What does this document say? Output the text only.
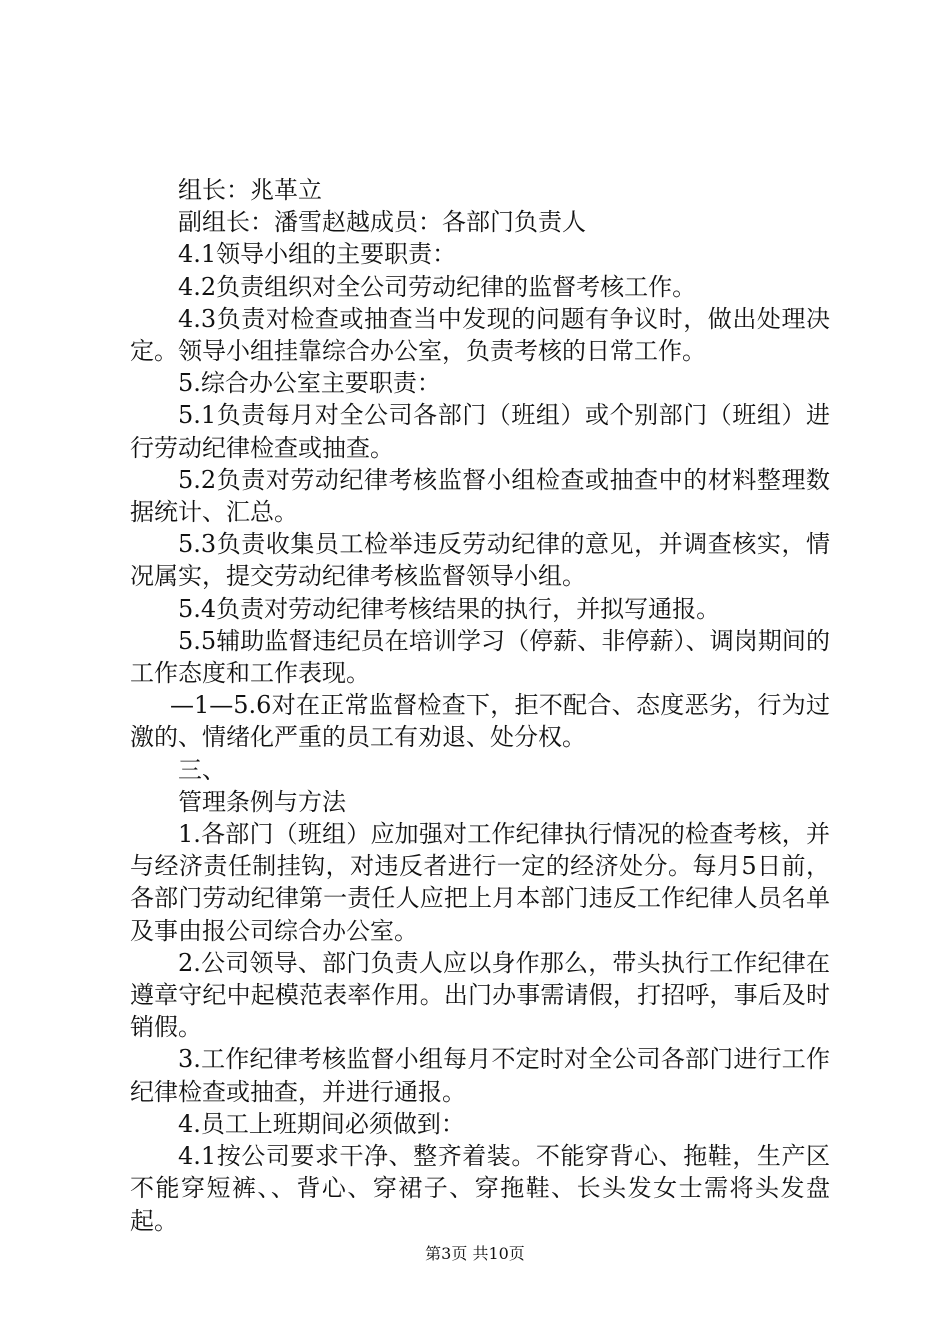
组长：兆革立

副组长：潘雪赵越成员：各部门负责人

4.1领导小组的主要职责：

4.2负责组织对全公司劳动纪律的监督考核工作。

4.3负责对检查或抽查当中发现的问题有争议时，做出处理决定。领导小组挂靠综合办公室，负责考核的日常工作。

5.综合办公室主要职责：

5.1负责每月对全公司各部门（班组）或个别部门（班组）进行劳动纪律检查或抽查。

5.2负责对劳动纪律考核监督小组检查或抽查中的材料整理数据统计、汇总。

5.3负责收集员工检举违反劳动纪律的意见，并调查核实，情况属实，提交劳动纪律考核监督领导小组。

5.4负责对劳动纪律考核结果的执行，并拟写通报。

5.5辅助监督违纪员在培训学习（停薪、非停薪）、调岗期间的工作态度和工作表现。

—1—5.6对在正常监督检查下，拒不配合、态度恶劣，行为过激的、情绪化严重的员工有劝退、处分权。

三、

管理条例与方法

1.各部门（班组）应加强对工作纪律执行情况的检查考核，并与经济责任制挂钩，对违反者进行一定的经济处分。每月5日前，各部门劳动纪律第一责任人应把上月本部门违反工作纪律人员名单及事由报公司综合办公室。

2.公司领导、部门负责人应以身作那么，带头执行工作纪律在遵章守纪中起模范表率作用。出门办事需请假，打招呼，事后及时销假。

3.工作纪律考核监督小组每月不定时对全公司各部门进行工作纪律检查或抽查，并进行通报。

4.员工上班期间必须做到：

4.1按公司要求干净、整齐着装。不能穿背心、拖鞋，生产区不能穿短裤、、背心、穿裙子、穿拖鞋、长头发女士需将头发盘起。

第3页 共10页
